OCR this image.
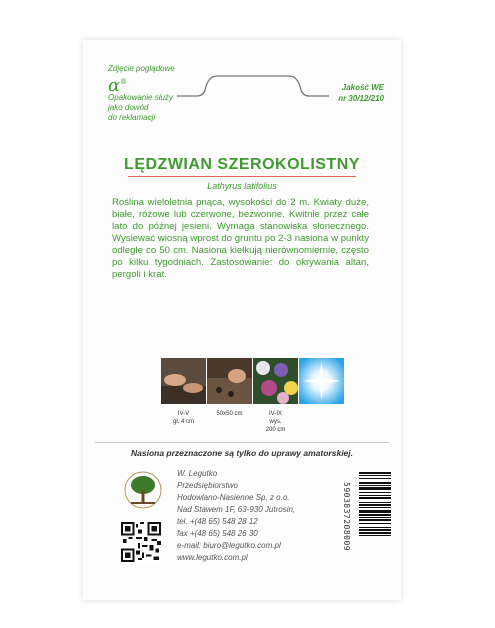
Zdjęcie poglądowe
α®
Opakowanie służy
jako dowód
do reklamacji
Jakość WE
nr 30/12/210
LĘDZWIAN SZEROKOLISTNY
Lathyrus latifolius
Roślina wieloletnia pnąca, wysokości do 2 m. Kwiaty duże, białe, różowe lub czerwone, bezwonne. Kwitnie przez całe lato do późnej jesieni. Wymaga stanowiska słonecznego. Wysiewać wiosną wprost do gruntu po 2-3 nasiona w punkty odległe co 50 cm. Nasiona kiełkują nierównomiernie, często po kilku tygodniach. Zastosowanie: do okrywania altan, pergoli i krat.
IV-V
gł. 4 cm
50x50 cm	IV-IX
wys.
200 cm
Nasiona przeznaczone są tylko do uprawy amatorskiej.
W. Legutko
Przedsiębiorstwo
Hodowlano-Nasienne Sp. z o.o.
Nad Stawem 1F, 63-930 Jutrosin,
tel. +(48 65) 548 28 12
fax +(48 65) 548 26 30
e-mail: biuro@legutko.com.pl
www.legutko.com.pl
5903837208009
